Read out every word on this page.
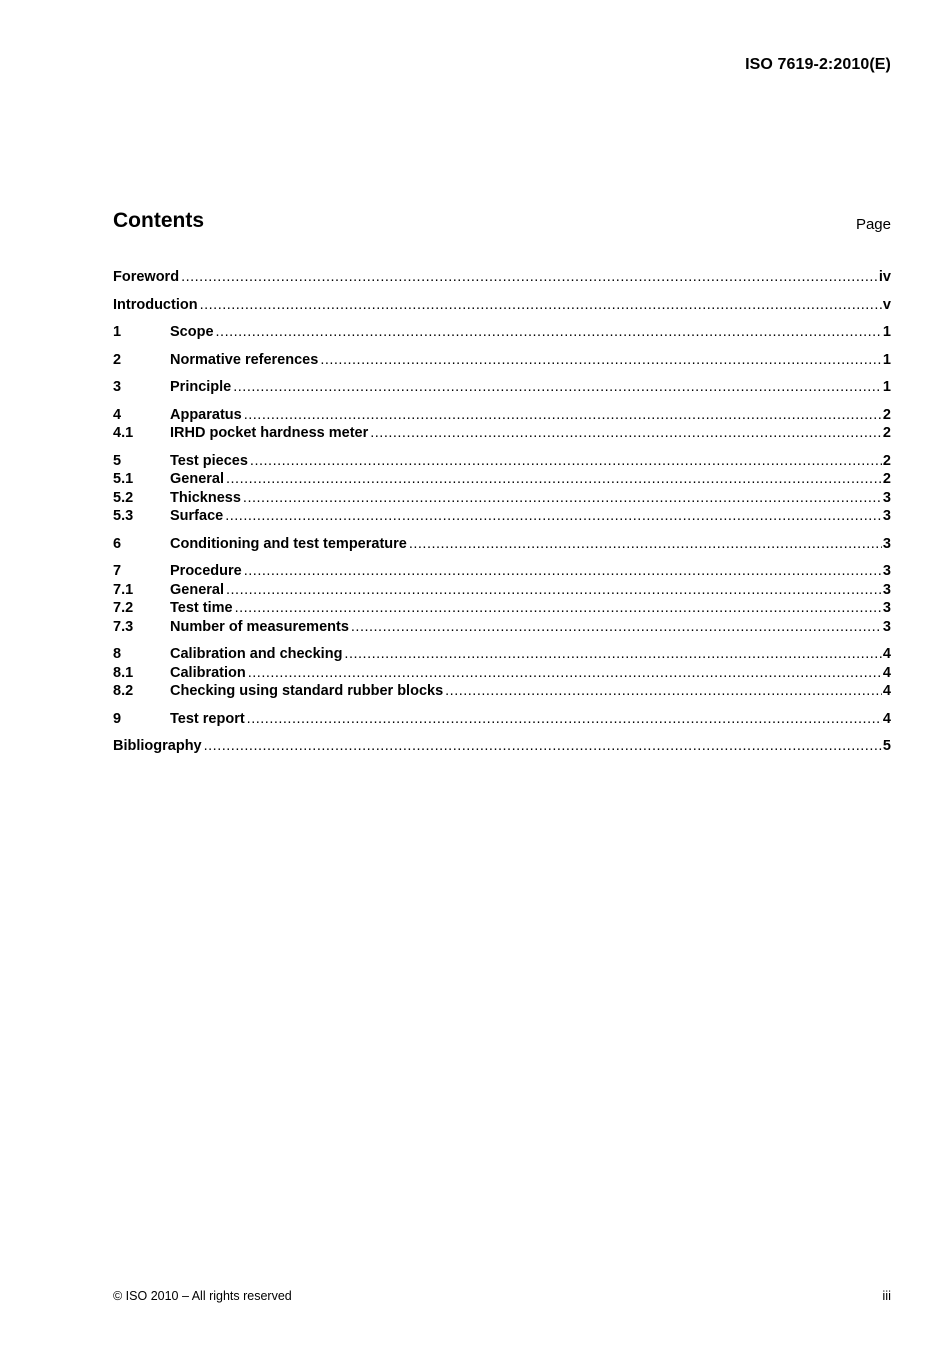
ISO 7619-2:2010(E)
Contents	Page
Foreword .....	iv
Introduction .....	v
1	Scope .....	1
2	Normative references .....	1
3	Principle .....	1
4	Apparatus .....	2
4.1	IRHD pocket hardness meter .....	2
5	Test pieces .....	2
5.1	General .....	2
5.2	Thickness .....	3
5.3	Surface .....	3
6	Conditioning and test temperature .....	3
7	Procedure .....	3
7.1	General .....	3
7.2	Test time .....	3
7.3	Number of measurements .....	3
8	Calibration and checking .....	4
8.1	Calibration .....	4
8.2	Checking using standard rubber blocks .....	4
9	Test report .....	4
Bibliography .....	5
© ISO 2010 – All rights reserved	iii
